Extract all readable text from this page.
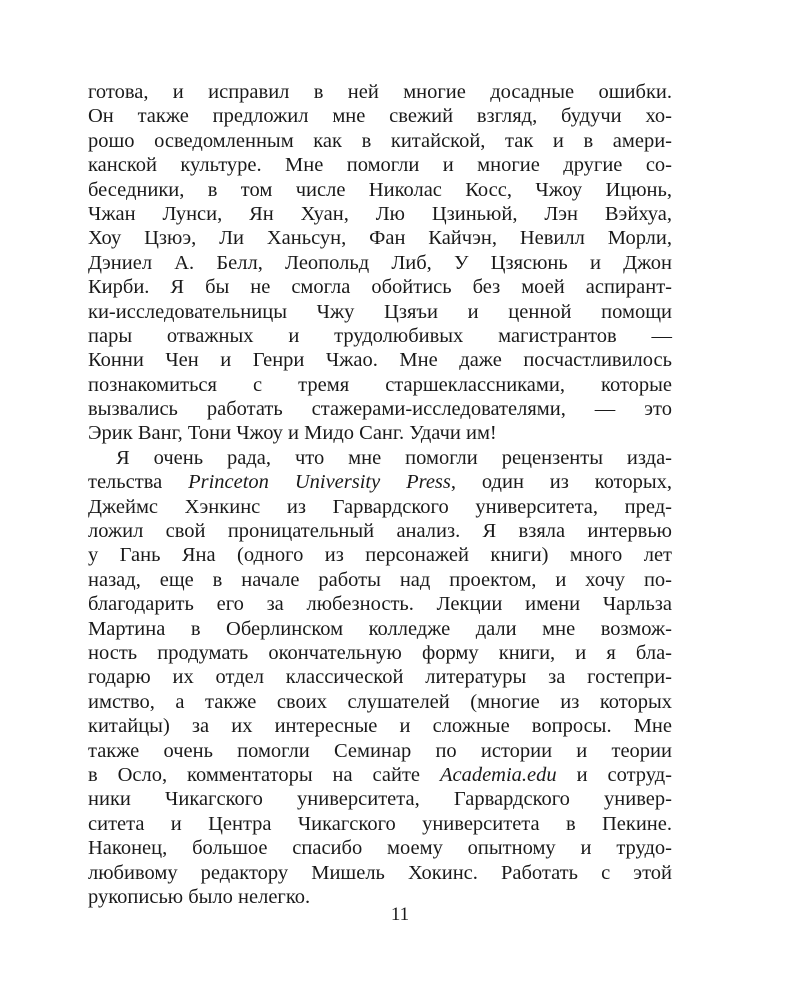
готова, и исправил в ней многие досадные ошибки.
Он также предложил мне свежий взгляд, будучи хо-
рошо осведомленным как в китайской, так и в амери-
канской культуре. Мне помогли и многие другие со-
беседники, в том числе Николас Косс, Чжоу Ицюнь,
Чжан Лунси, Ян Хуан, Лю Цзиньюй, Лэн Вэйхуа,
Хоу Цзюэ, Ли Ханьсун, Фан Кайчэн, Невилл Морли,
Дэниел А. Белл, Леопольд Либ, У Цзясюнь и Джон
Кирби. Я бы не смогла обойтись без моей аспирант-
ки-исследовательницы Чжу Цзяъи и ценной помощи
пары отважных и трудолюбивых магистрантов —
Конни Чен и Генри Чжао. Мне даже посчастливилось
познакомиться с тремя старшеклассниками, которые
вызвались работать стажерами-исследователями, — это
Эрик Ванг, Тони Чжоу и Мидо Санг. Удачи им!
Я очень рада, что мне помогли рецензенты изда-
тельства Princeton University Press, один из которых,
Джеймс Хэнкинс из Гарвардского университета, пред-
ложил свой проницательный анализ. Я взяла интервью
у Гань Яна (одного из персонажей книги) много лет
назад, еще в начале работы над проектом, и хочу по-
благодарить его за любезность. Лекции имени Чарльза
Мартина в Оберлинском колледже дали мне возмож-
ность продумать окончательную форму книги, и я бла-
годарю их отдел классической литературы за гостепри-
имство, а также своих слушателей (многие из которых
китайцы) за их интересные и сложные вопросы. Мне
также очень помогли Семинар по истории и теории
в Осло, комментаторы на сайте Academia.edu и сотруд-
ники Чикагского университета, Гарвардского универ-
ситета и Центра Чикагского университета в Пекине.
Наконец, большое спасибо моему опытному и трудо-
любивому редактору Мишель Хокинс. Работать с этой
рукописью было нелегко.
11
